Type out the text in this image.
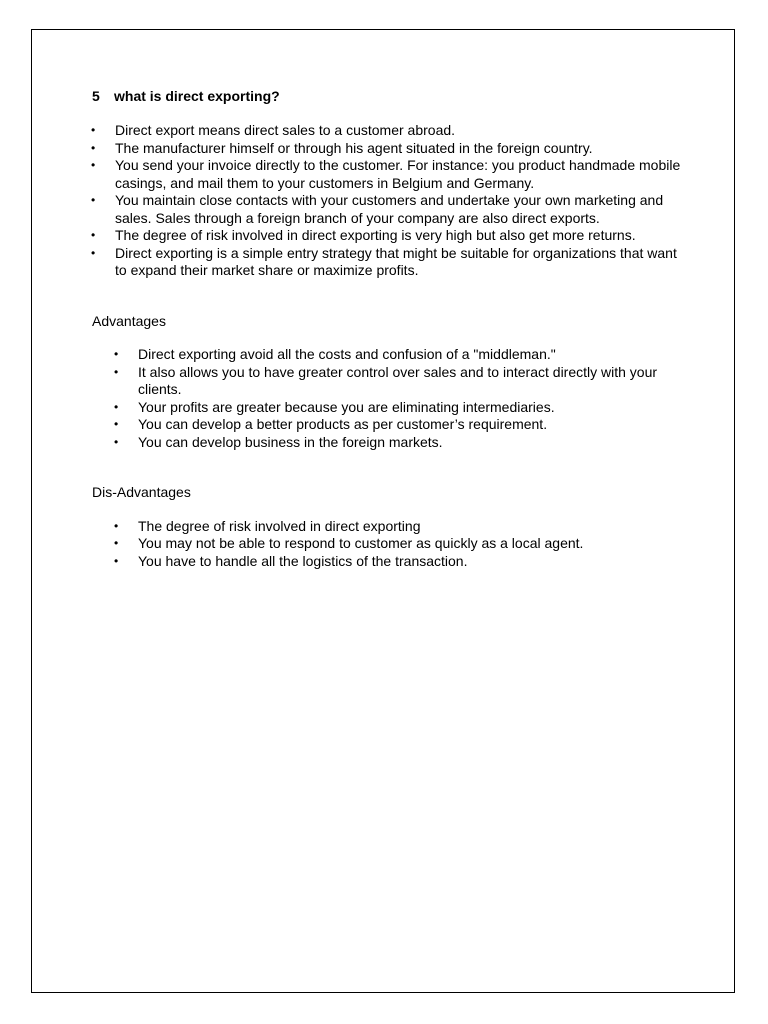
5 what is direct exporting?

• Direct export means direct sales to a customer abroad.
• The manufacturer himself or through his agent situated in the foreign country.
• You send your invoice directly to the customer. For instance: you product handmade mobile casings, and mail them to your customers in Belgium and Germany.
• You maintain close contacts with your customers and undertake your own marketing and sales. Sales through a foreign branch of your company are also direct exports.
• The degree of risk involved in direct exporting is very high but also get more returns.
• Direct exporting is a simple entry strategy that might be suitable for organizations that want to expand their market share or maximize profits.

Advantages

• Direct exporting avoid all the costs and confusion of a "middleman."
• It also allows you to have greater control over sales and to interact directly with your clients.
• Your profits are greater because you are eliminating intermediaries.
• You can develop a better products as per customer’s requirement.
• You can develop business in the foreign markets.

Dis-Advantages

• The degree of risk involved in direct exporting
• You may not be able to respond to customer as quickly as a local agent.
• You have to handle all the logistics of the transaction.
